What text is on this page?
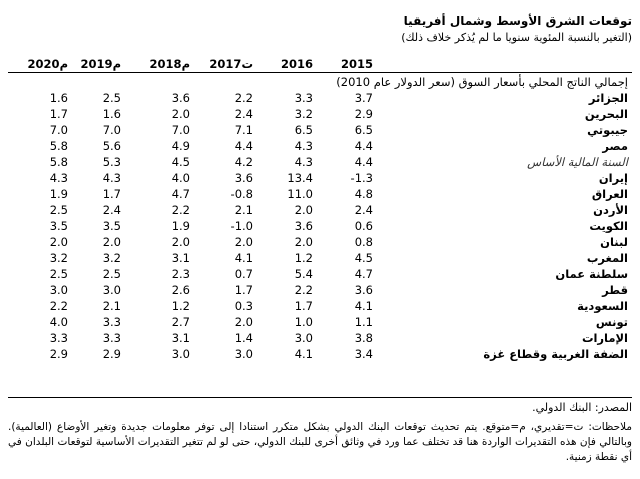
توقعات الشرق الأوسط وشمال أفريقيا
(التغير بالنسبة المئوية سنويا ما لم يُذكر خلاف ذلك)
2020م	2019م	2018م	2017ت	2016	2015
إجمالي الناتج المحلي بأسعار السوق (سعر الدولار عام 2010)
1.6	2.5	3.6	2.2	3.3	3.7	الجزائر
1.7	1.6	2.0	2.4	3.2	2.9	البحرين
7.0	7.0	7.0	7.1	6.5	6.5	جيبوتي
5.8	5.6	4.9	4.4	4.3	4.4	مصر
5.8	5.3	4.5	4.2	4.3	4.4	السنة المالية الأساس
4.3	4.3	4.0	3.6	13.4	-1.3	إيران
1.9	1.7	4.7	-0.8	11.0	4.8	العراق
2.5	2.4	2.2	2.1	2.0	2.4	الأردن
3.5	3.5	1.9	-1.0	3.6	0.6	الكويت
2.0	2.0	2.0	2.0	2.0	0.8	لبنان
3.2	3.2	3.1	4.1	1.2	4.5	المغرب
2.5	2.5	2.3	0.7	5.4	4.7	سلطنة عمان
3.0	3.0	2.6	1.7	2.2	3.6	قطر
2.2	2.1	1.2	0.3	1.7	4.1	السعودية
4.0	3.3	2.7	2.0	1.0	1.1	تونس
3.3	3.3	3.1	1.4	3.0	3.8	الإمارات
2.9	2.9	3.0	3.0	4.1	3.4	الضفة الغربية وقطاع غزة
المصدر: البنك الدولي.
ملاحظات: ت=تقديري، م=متوقع. يتم تحديث توقعات البنك الدولي بشكل متكرر استنادا إلى توفر معلومات جديدة وتغير الأوضاع (العالمية). وبالتالي فإن هذه التقديرات الواردة هنا قد تختلف عما ورد في وثائق أخرى للبنك الدولي، حتى لو لم تتغير التقديرات الأساسية لتوقعات البلدان في أي نقطة زمنية.
